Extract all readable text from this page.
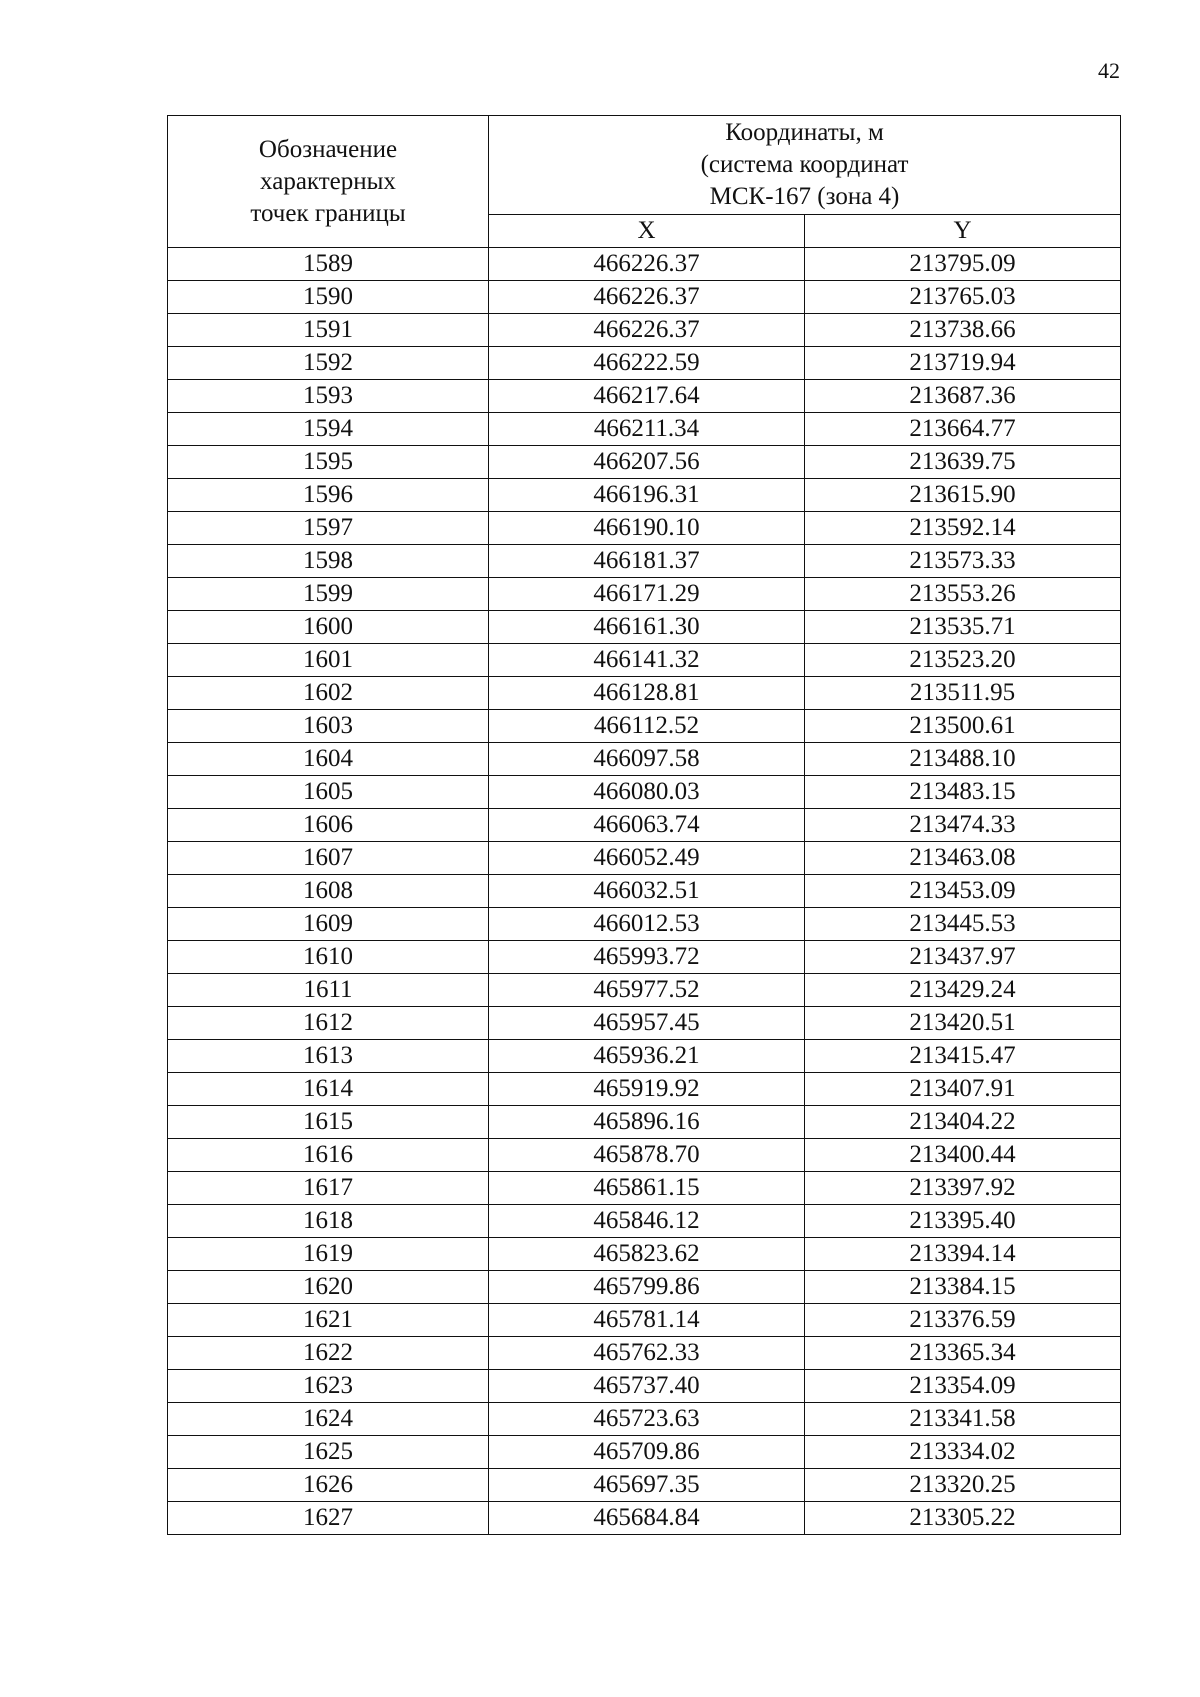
42
Обозначение
характерных
точек границы	Координаты, м
(система координат
МСК-167 (зона 4)	

	X	Y
1589	466226.37	213795.09
1590	466226.37	213765.03
1591	466226.37	213738.66
1592	466222.59	213719.94
1593	466217.64	213687.36
1594	466211.34	213664.77
1595	466207.56	213639.75
1596	466196.31	213615.90
1597	466190.10	213592.14
1598	466181.37	213573.33
1599	466171.29	213553.26
1600	466161.30	213535.71
1601	466141.32	213523.20
1602	466128.81	213511.95
1603	466112.52	213500.61
1604	466097.58	213488.10
1605	466080.03	213483.15
1606	466063.74	213474.33
1607	466052.49	213463.08
1608	466032.51	213453.09
1609	466012.53	213445.53
1610	465993.72	213437.97
1611	465977.52	213429.24
1612	465957.45	213420.51
1613	465936.21	213415.47
1614	465919.92	213407.91
1615	465896.16	213404.22
1616	465878.70	213400.44
1617	465861.15	213397.92
1618	465846.12	213395.40
1619	465823.62	213394.14
1620	465799.86	213384.15
1621	465781.14	213376.59
1622	465762.33	213365.34
1623	465737.40	213354.09
1624	465723.63	213341.58
1625	465709.86	213334.02
1626	465697.35	213320.25
1627	465684.84	213305.22
